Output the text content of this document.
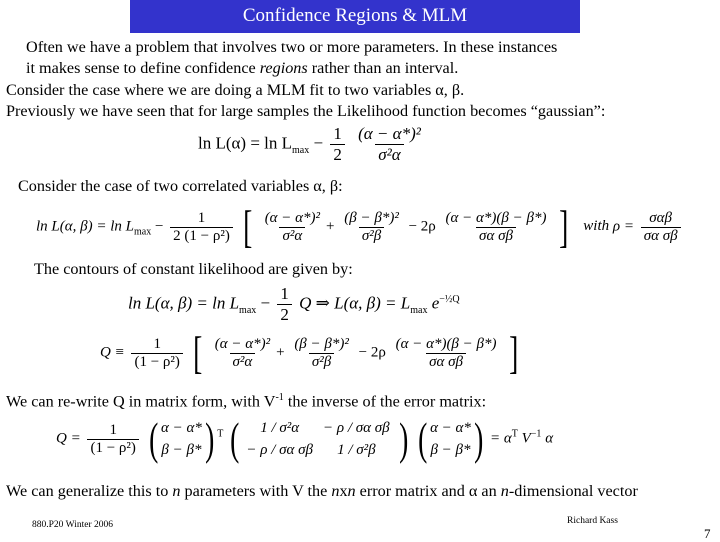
Confidence Regions & MLM
Often we have a problem that involves two or more parameters. In these instances
it makes sense to define confidence regions rather than an interval.
Consider the case where we are doing a MLM fit to two variables α, β.
Previously we have seen that for large samples the Likelihood function becomes “gaussian”:
$\ln L(\alpha) = \ln L_{max} - \frac{1}{2}$
$\frac{\text{(α − α*)²}}{\text{σ²α}}$
Consider the case of two correlated variables α, β:
ln L(α, $\beta) = \ln L_{max} - \frac{1}{\text{2 (1 − ρ²)}}$ [ $\frac{\text{(α − α*)²}}{\text{σ²α}} + \frac{\text{(β − β*)²}}{\text{σ²β}} - 2\rho \frac{(\alpha - \alpha*)(\beta - \beta*)}{\text{σα σβ}}$ ] with $\rho = \frac{\text{σαβ}}{\text{σα σβ}}$
The contours of constant likelihood are given by:
ln L(α, $\beta) = \ln L_{max} - \frac{1}{2}$ Q ⇒ L(α, $\beta) = L_{max}$ $e^{-\frac{1}{2}Q}$
$Q \equiv \frac{1}{\text{(1 − ρ²)}}$ [ $\frac{\text{(α − α*)²}}{\text{σ²α}} + \frac{\text{(β − β*)²}}{\text{σ²β}} - 2\rho \frac{(\alpha - \alpha*)(\beta - \beta*)}{\text{σα σβ}}$ ]
We can re-write Q in matrix form, with $V^{-1}$ the inverse of the error matrix:
$Q = \frac{1}{\text{(1 − ρ²)}}$ ( α − α*
β − β* ) $^T$ (	1 / σ²α
− ρ / σα σβ
− ρ / σα σβ
1 / σ²β ) ( α − α*
β − β* ) = $\alpha^T$ $V^{-1}$ α
We can generalize this to n parameters with V the nxn error matrix and α an n-dimensional vector
880.P20 Winter 2006	Richard Kass
7
